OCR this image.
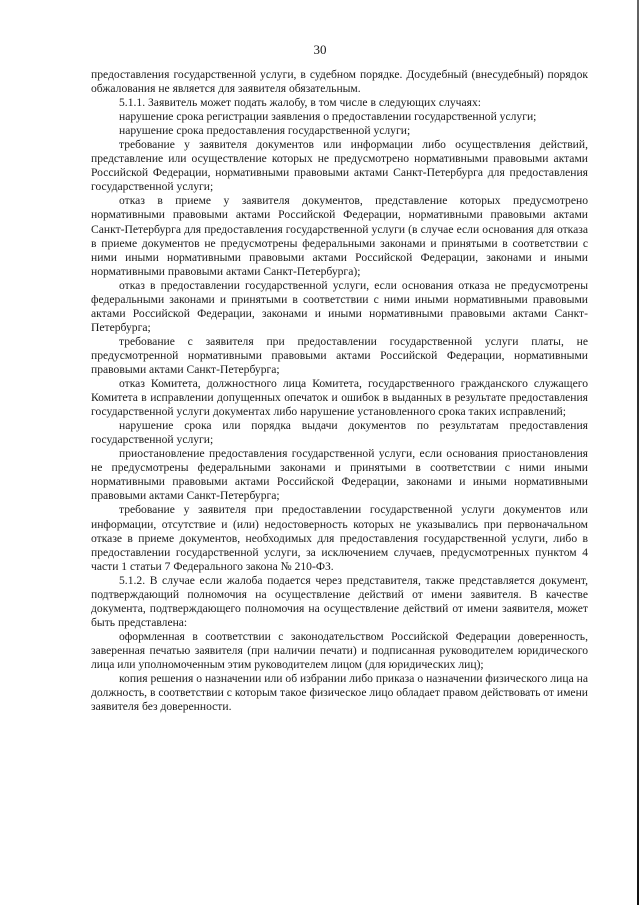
30

предоставления государственной услуги, в судебном порядке. Досудебный (внесудебный) порядок обжалования не является для заявителя обязательным.

5.1.1. Заявитель может подать жалобу, в том числе в следующих случаях:

нарушение срока регистрации заявления о предоставлении государственной услуги;

нарушение срока предоставления государственной услуги;

требование у заявителя документов или информации либо осуществления действий, представление или осуществление которых не предусмотрено нормативными правовыми актами Российской Федерации, нормативными правовыми актами Санкт-Петербурга для предоставления государственной услуги;

отказ в приеме у заявителя документов, представление которых предусмотрено нормативными правовыми актами Российской Федерации, нормативными правовыми актами Санкт-Петербурга для предоставления государственной услуги (в случае если основания для отказа в приеме документов не предусмотрены федеральными законами и принятыми в соответствии с ними иными нормативными правовыми актами Российской Федерации, законами и иными нормативными правовыми актами Санкт-Петербурга);

отказ в предоставлении государственной услуги, если основания отказа не предусмотрены федеральными законами и принятыми в соответствии с ними иными нормативными правовыми актами Российской Федерации, законами и иными нормативными правовыми актами Санкт-Петербурга;

требование с заявителя при предоставлении государственной услуги платы, не предусмотренной нормативными правовыми актами Российской Федерации, нормативными правовыми актами Санкт-Петербурга;

отказ Комитета, должностного лица Комитета, государственного гражданского служащего Комитета в исправлении допущенных опечаток и ошибок в выданных в результате предоставления государственной услуги документах либо нарушение установленного срока таких исправлений;

нарушение срока или порядка выдачи документов по результатам предоставления государственной услуги;

приостановление предоставления государственной услуги, если основания приостановления не предусмотрены федеральными законами и принятыми в соответствии с ними иными нормативными правовыми актами Российской Федерации, законами и иными нормативными правовыми актами Санкт-Петербурга;

требование у заявителя при предоставлении государственной услуги документов или информации, отсутствие и (или) недостоверность которых не указывались при первоначальном отказе в приеме документов, необходимых для предоставления государственной услуги, либо в предоставлении государственной услуги, за исключением случаев, предусмотренных пунктом 4 части 1 статьи 7 Федерального закона № 210-ФЗ.

5.1.2. В случае если жалоба подается через представителя, также представляется документ, подтверждающий полномочия на осуществление действий от имени заявителя. В качестве документа, подтверждающего полномочия на осуществление действий от имени заявителя, может быть представлена:

оформленная в соответствии с законодательством Российской Федерации доверенность, заверенная печатью заявителя (при наличии печати) и подписанная руководителем юридического лица или уполномоченным этим руководителем лицом (для юридических лиц);

копия решения о назначении или об избрании либо приказа о назначении физического лица на должность, в соответствии с которым такое физическое лицо обладает правом действовать от имени заявителя без доверенности.
